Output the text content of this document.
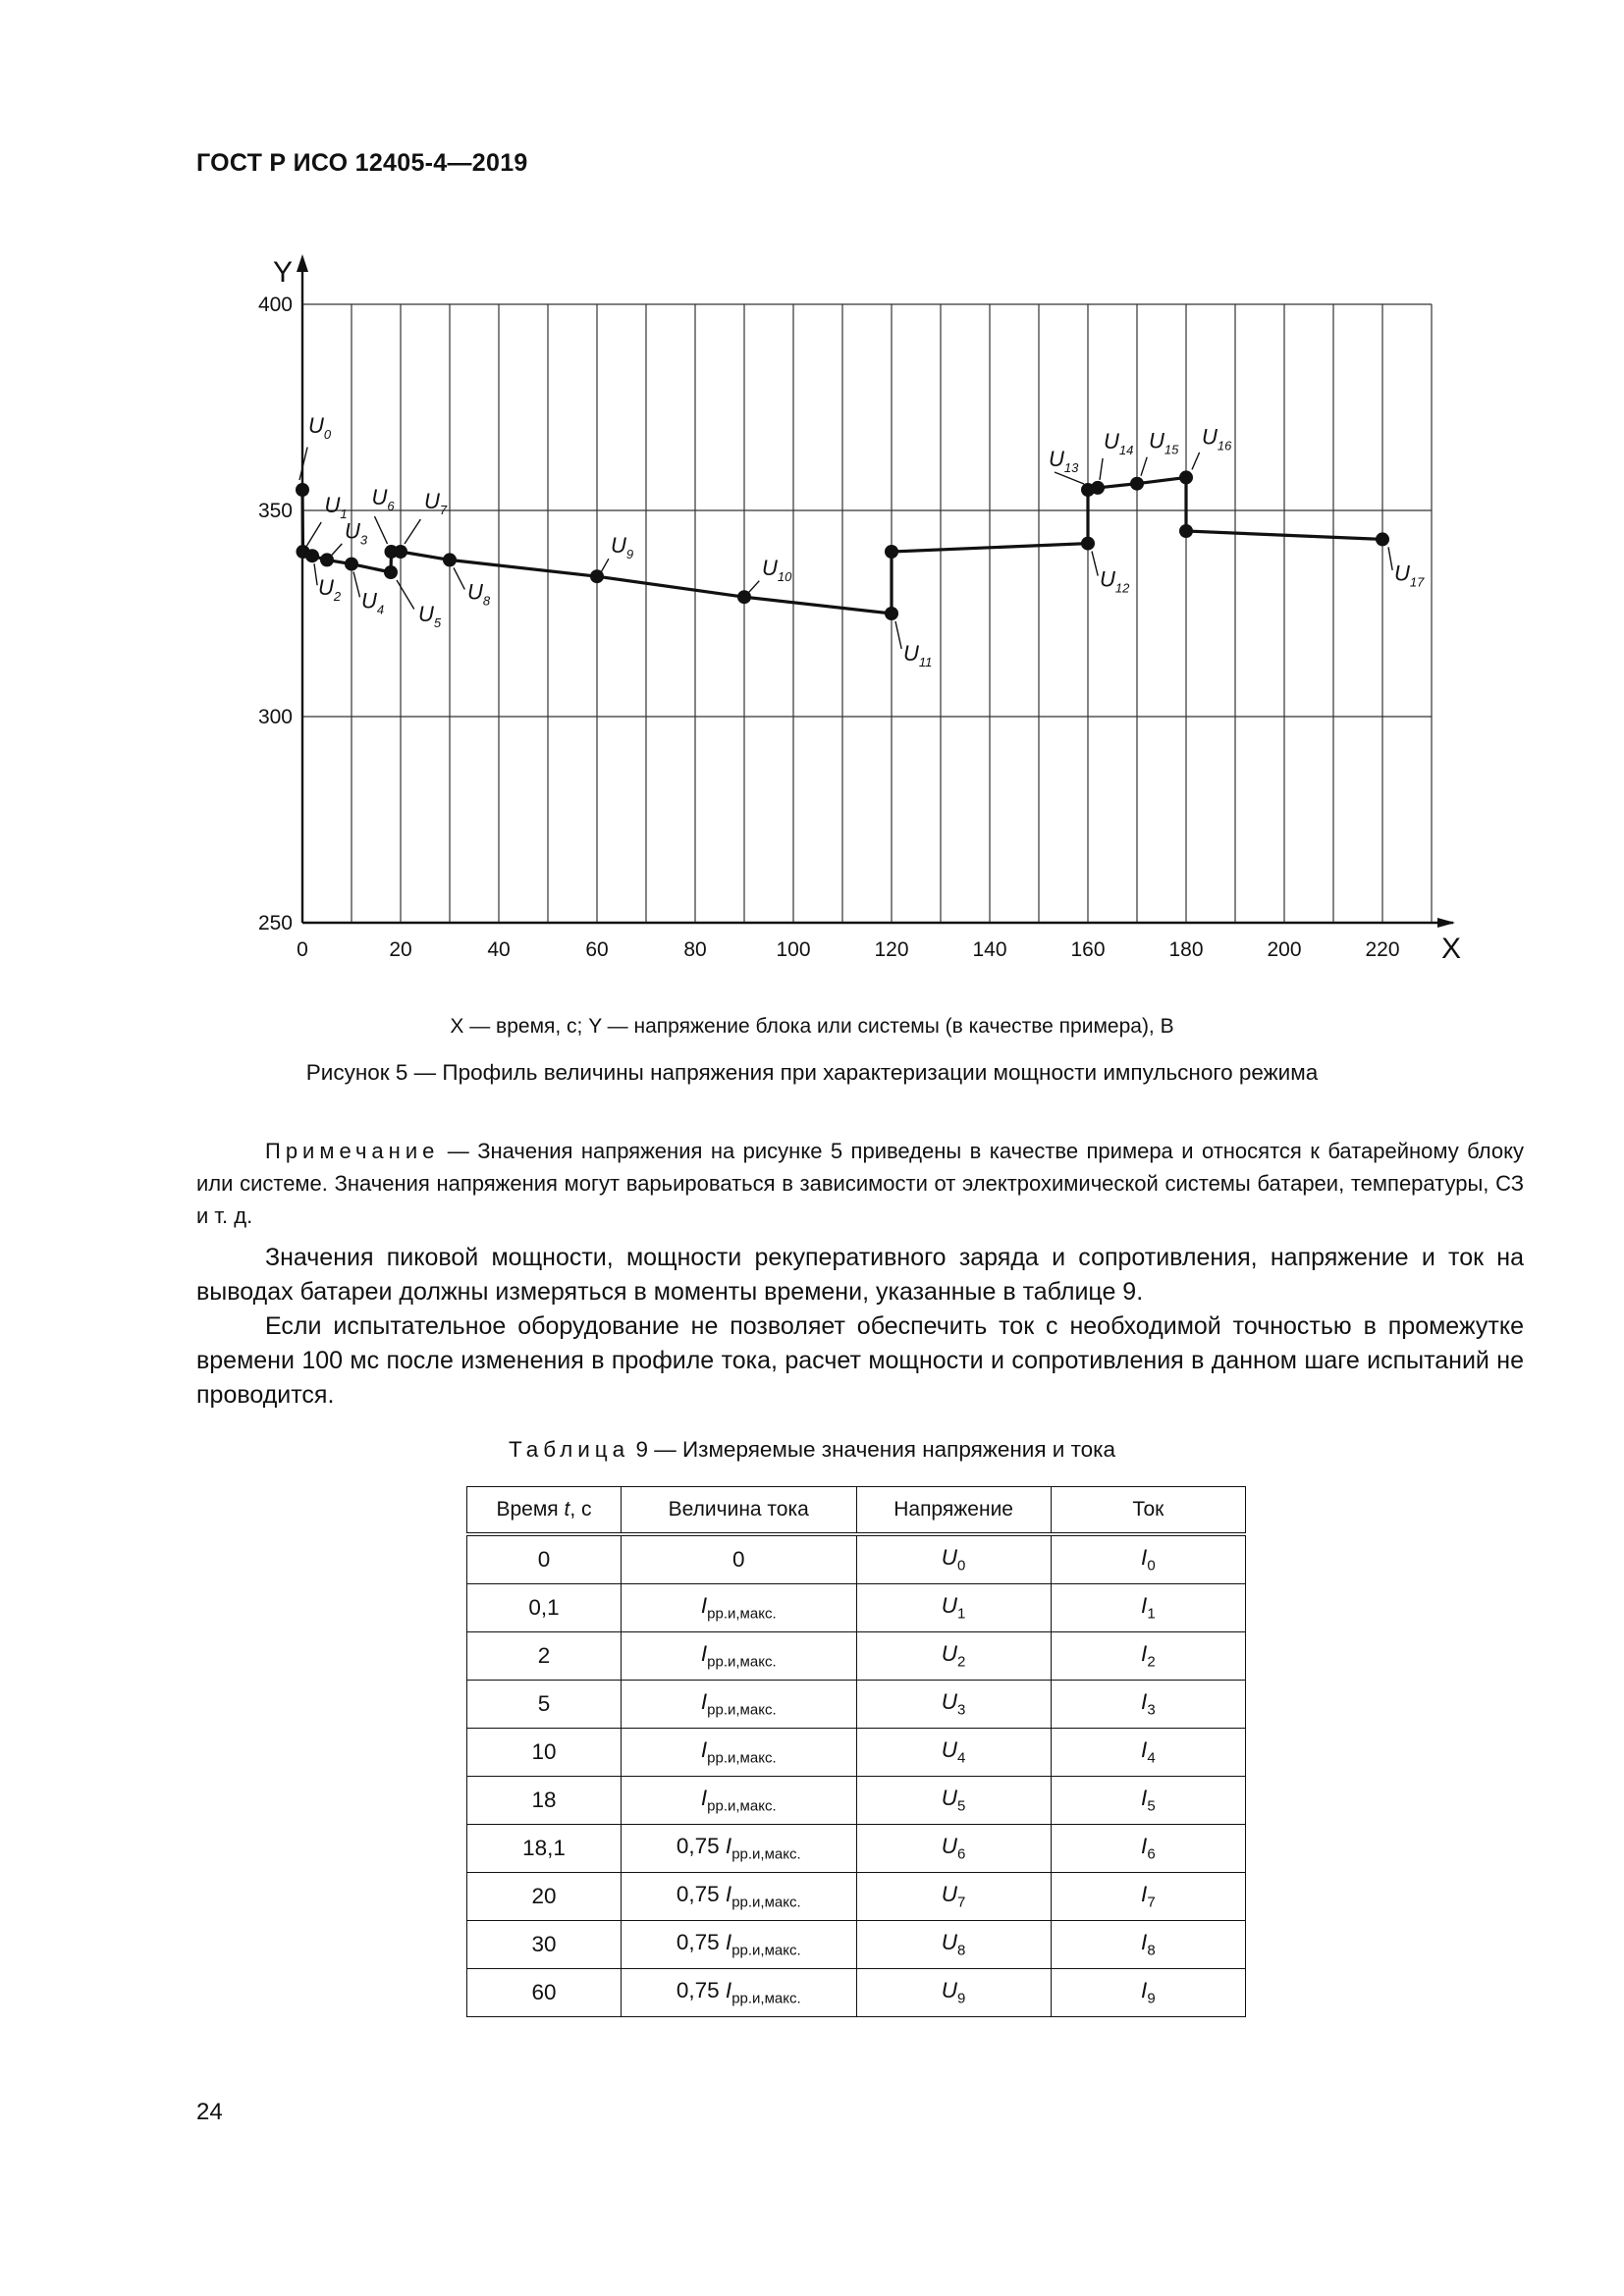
ГОСТ Р ИСО 12405-4—2019
250
300
350
400
0	20	40	60	80	100	120	140	160	180	200	220
Y
X
$U_0$
$U_1$
$U_2$
$U_3$
$U_4$ $U_5$
$U_6$ $U_7$
$U_8$
$U_9$
$U_{10}$
$U_{11}$
$U_{12}$
$U_{13}$
$U_{14}$ $U_{15}$
$U_{16}$
$U_{17}$
X — время, с; Y — напряжение блока или системы (в качестве примера), В
Рисунок 5 — Профиль величины напряжения при характеризации мощности импульсного режима
Примечание — Значения напряжения на рисунке 5 приведены в качестве примера и относятся к батарейному блоку или системе. Значения напряжения могут варьироваться в зависимости от электрохимической системы батареи, температуры, СЗ и т. д.

Значения пиковой мощности, мощности рекуперативного заряда и сопротивления, напряжение и ток на выводах батареи должны измеряться в моменты времени, указанные в таблице 9.

Если испытательное оборудование не позволяет обеспечить ток с необходимой точностью в промежутке времени 100 мс после изменения в профиле тока, расчет мощности и сопротивления в данном шаге испытаний не проводится.

Таблица 9 — Измеряемые значения напряжения и тока
Время t, с	Величина тока	Напряжение	Ток
0	0	$U_0$	$I_0$
0,1	$I_{рр.и,макс.}$	$U_1$	$I_1$
2	$I_{рр.и,макс.}$	$U_2$	$I_2$
5	$I_{рр.и,макс.}$	$U_3$	$I_3$
10	$I_{рр.и,макс.}$	$U_4$	$I_4$
18	$I_{рр.и,макс.}$	$U_5$	$I_5$
18,1	0,75 $I_{рр.и,макс.}$	$U_6$	$I_6$
20	0,75 $I_{рр.и,макс.}$	$U_7$	$I_7$
30	0,75 $I_{рр.и,макс.}$	$U_8$	$I_8$
60	0,75 $I_{рр.и,макс.}$	$U_9$	$I_9$
24
